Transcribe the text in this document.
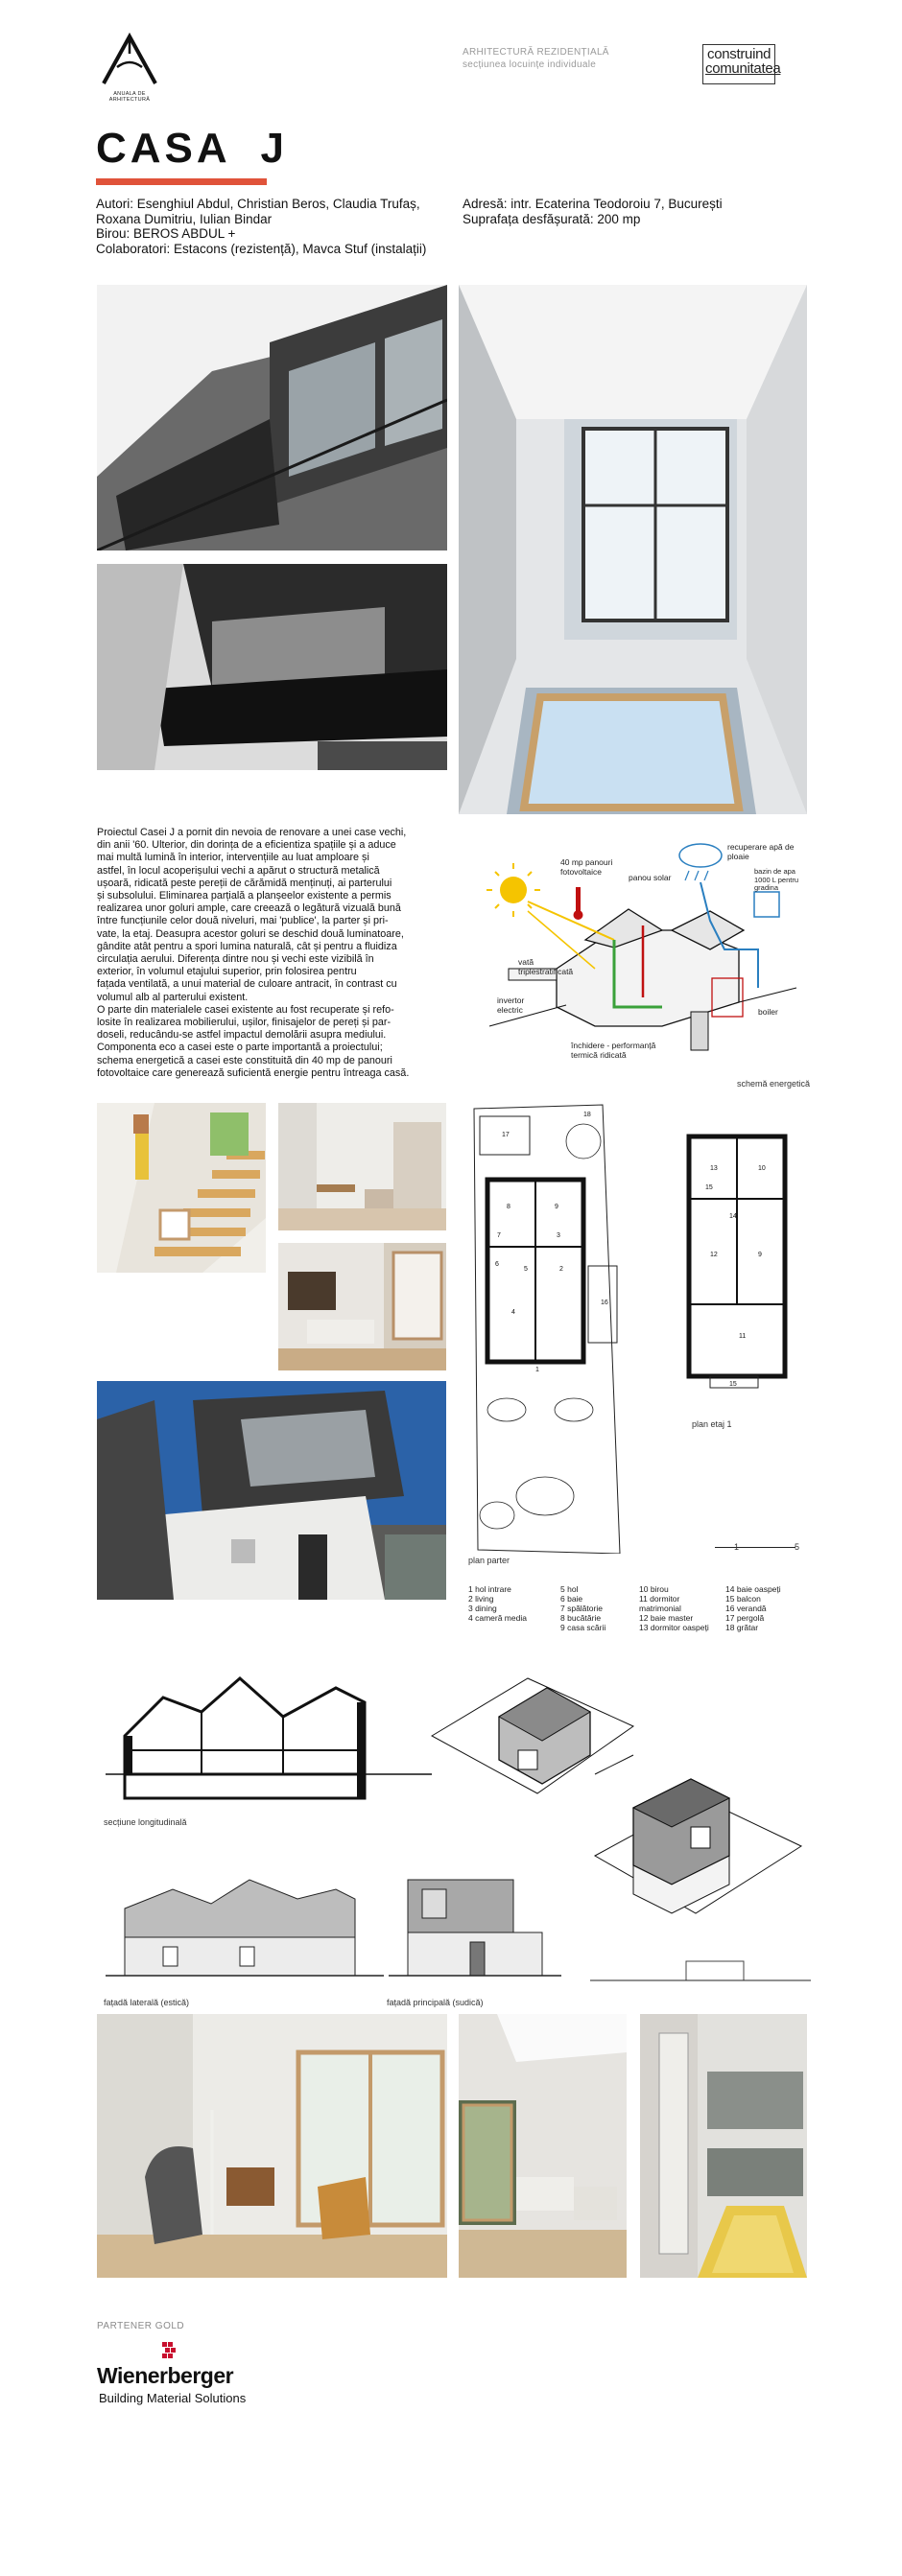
ANUALA DE ARHITECTURĂ
ARHITECTURĂ REZIDENȚIALĂ
secțiunea locuințe individuale
construind
comunitatea
CASA  J
Autori: Esenghiul Abdul, Christian Beros, Claudia Trufaș,
Roxana Dumitriu, Iulian Bindar
Birou: BEROS ABDUL +
Colaboratori: Estacons (rezistență), Mavca Stuf (instalații)
Adresă: intr. Ecaterina Teodoroiu 7, București
Suprafața desfășurată: 200 mp
Proiectul Casei J a pornit din nevoia de renovare a unei case vechi,
din anii '60. Ulterior, din dorința de a eficientiza spațiile și a aduce
mai multă lumină în interior, intervențiile au luat amploare și
astfel, în locul acoperișului vechi a apărut o structură metalică
ușoară, ridicată peste pereții de cărămidă menținuți, ai parterului
și subsolului. Eliminarea parțială a planșeelor existente a permis
realizarea unor goluri ample, care creează o legătură vizuală bună
între funcțiunile celor două niveluri, mai 'publice', la parter și pri-
vate, la etaj. Deasupra acestor goluri se deschid două luminatoare,
gândite atât pentru a spori lumina naturală, cât și pentru a fluidiza
circulația aerului. Diferența dintre nou și vechi este vizibilă în
exterior, în volumul etajului superior, prin folosirea pentru
fațada ventilată, a unui material de culoare antracit, în contrast cu
volumul alb al parterului existent.
O parte din materialele casei existente au fost recuperate și refo-
losite în realizarea mobilierului, ușilor, finisajelor de pereți și par-
doseli, reducându-se astfel impactul demolării asupra mediului.
Componenta eco a casei este o parte importantă a proiectului;
schema energetică a casei este constituită din 40 mp de panouri
fotovoltaice care generează suficientă energie pentru întreaga casă.
40 mp panouri fotovoltaice
panou solar
recuperare apă de ploaie
bazin de apa 1000 L pentru gradina
vată triplestratificată
invertor electric	boiler
închidere - performanță termică ridicată
schemă energetică
8	9
7	3
6
5	2
4
16
17
18
1
plan parter
13
15
10
14
12	9
11
15
plan etaj 1
1	5
1 hol intrare
2 living
3 dining
4 cameră media
5 hol
6 baie
7 spălătorie
8 bucătărie
9 casa scării
10 birou
11 dormitor matrimonial
12 baie master
13 dormitor oaspeți
14 baie oaspeți
15 balcon
16 verandă
17 pergolă
18 grătar
secțiune longitudinală
fațadă laterală (estică)	fațadă principală (sudică)
PARTENER GOLD
Wienerberger
Building Material Solutions
